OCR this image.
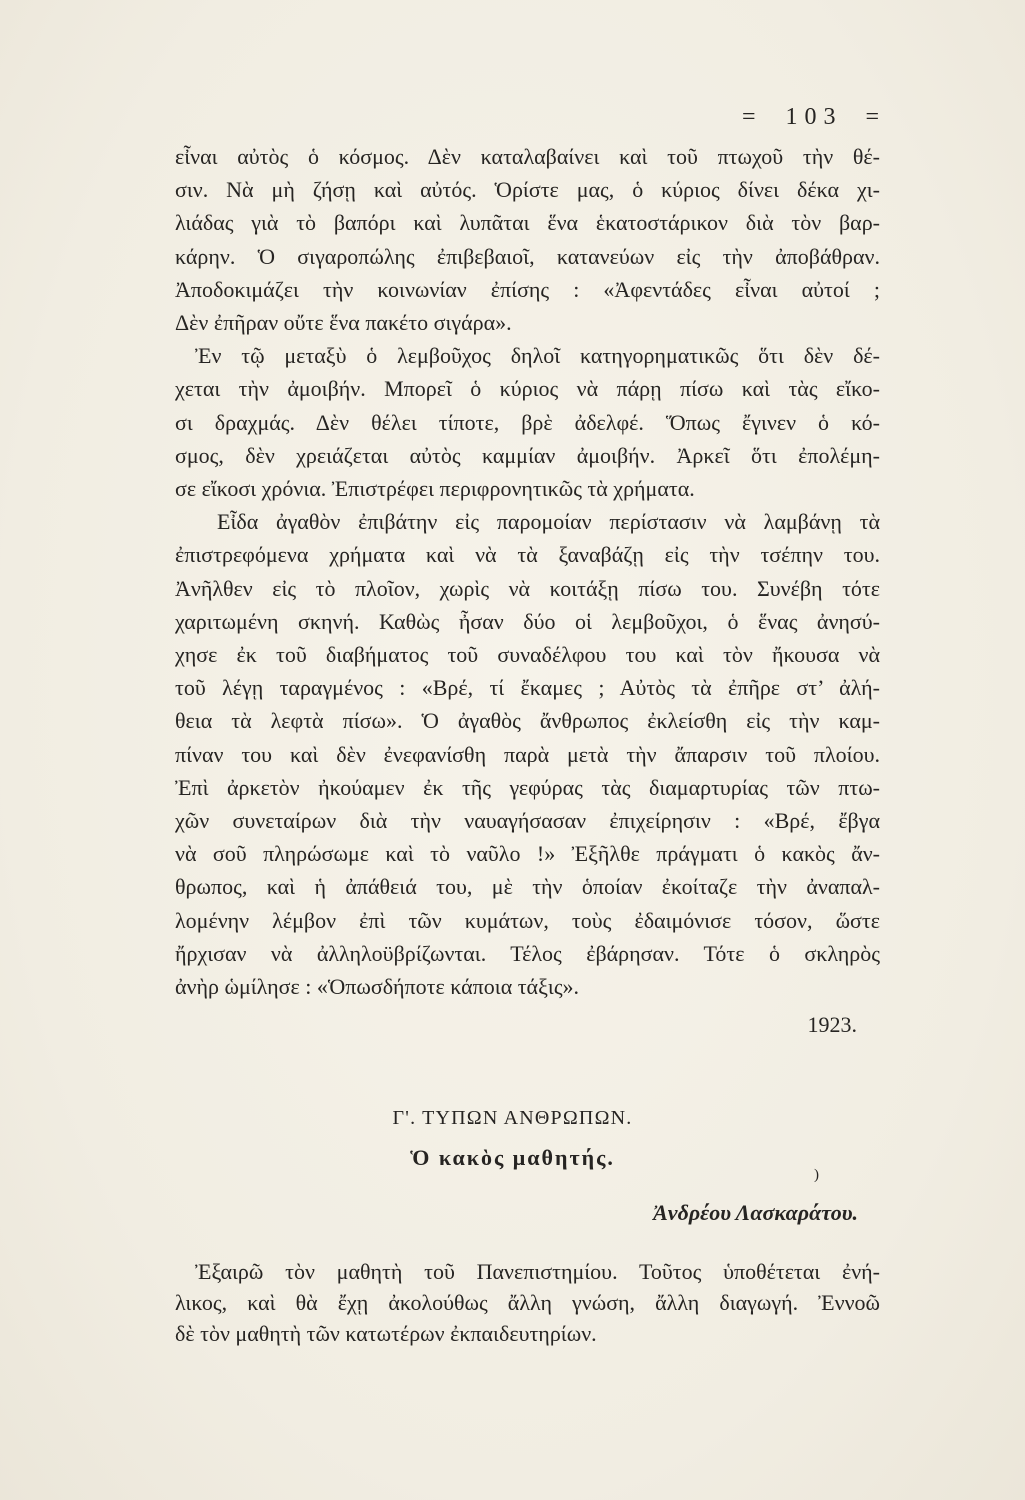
= 103 =
εἶναι αὐτὸς ὁ κόσμος. Δὲν καταλαβαίνει καὶ τοῦ πτωχοῦ τὴν θέ-
σιν. Νὰ μὴ ζήσῃ καὶ αὐτός. Ὁρίστε μας, ὁ κύριος δίνει δέκα χι-
λιάδας γιὰ τὸ βαπόρι καὶ λυπᾶται ἕνα ἑκατοστάρικον διὰ τὸν βαρ-
κάρην. Ὁ σιγαροπώλης ἐπιβεβαιοῖ, κατανεύων εἰς τὴν ἀποβάθραν.
Ἀποδοκιμάζει τὴν κοινωνίαν ἐπίσης : «Ἀφεντάδες εἶναι αὐτοί ;
Δὲν ἐπῆραν οὔτε ἕνα πακέτο σιγάρα».
Ἐν τῷ μεταξὺ ὁ λεμβοῦχος δηλοῖ κατηγορηματικῶς ὅτι δὲν δέ-
χεται τὴν ἀμοιβήν. Μπορεῖ ὁ κύριος νὰ πάρῃ πίσω καὶ τὰς εἴκο-
σι δραχμάς. Δὲν θέλει τίποτε, βρὲ ἀδελφέ. Ὅπως ἔγινεν ὁ κό-
σμος, δὲν χρειάζεται αὐτὸς καμμίαν ἀμοιβήν. Ἀρκεῖ ὅτι ἐπολέμη-
σε εἴκοσι χρόνια. Ἐπιστρέφει περιφρονητικῶς τὰ χρήματα.
Εἶδα ἀγαθὸν ἐπιβάτην εἰς παρομοίαν περίστασιν νὰ λαμβάνῃ τὰ
ἐπιστρεφόμενα χρήματα καὶ νὰ τὰ ξαναβάζῃ εἰς τὴν τσέπην του.
Ἀνῆλθεν εἰς τὸ πλοῖον, χωρὶς νὰ κοιτάξῃ πίσω του. Συνέβη τότε
χαριτωμένη σκηνή. Καθὼς ἦσαν δύο οἱ λεμβοῦχοι, ὁ ἕνας ἀνησύ-
χησε ἐκ τοῦ διαβήματος τοῦ συναδέλφου του καὶ τὸν ἤκουσα νὰ
τοῦ λέγῃ ταραγμένος : «Βρέ, τί ἔκαμες ; Αὐτὸς τὰ ἐπῆρε στ’ ἀλή-
θεια τὰ λεφτὰ πίσω». Ὁ ἀγαθὸς ἄνθρωπος ἐκλείσθη εἰς τὴν καμ-
πίναν του καὶ δὲν ἐνεφανίσθη παρὰ μετὰ τὴν ἄπαρσιν τοῦ πλοίου.
Ἐπὶ ἀρκετὸν ἠκούαμεν ἐκ τῆς γεφύρας τὰς διαμαρτυρίας τῶν πτω-
χῶν συνεταίρων διὰ τὴν ναυαγήσασαν ἐπιχείρησιν : «Βρέ, ἔβγα
νὰ σοῦ πληρώσωμε καὶ τὸ ναῦλο !» Ἐξῆλθε πράγματι ὁ κακὸς ἄν-
θρωπος, καὶ ἡ ἀπάθειά του, μὲ τὴν ὁποίαν ἐκοίταζε τὴν ἀναπαλ-
λομένην λέμβον ἐπὶ τῶν κυμάτων, τοὺς ἐδαιμόνισε τόσον, ὥστε
ἤρχισαν νὰ ἀλληλοϋβρίζωνται. Τέλος ἐβάρησαν. Τότε ὁ σκληρὸς
ἀνὴρ ὡμίλησε : «Ὁπωσδήποτε κάποια τάξις».
1923.
Γ'. ΤΥΠΩΝ ΑΝΘΡΩΠΩΝ.
Ὁ κακὸς μαθητής.
)
Ἀνδρέου Λασκαράτου.
Ἐξαιρῶ τὸν μαθητὴ τοῦ Πανεπιστημίου. Τοῦτος ὑποθέτεται ἐνή-
λικος, καὶ θὰ ἔχῃ ἀκολούθως ἄλλη γνώση, ἄλλη διαγωγή. Ἐννοῶ
δὲ τὸν μαθητὴ τῶν κατωτέρων ἐκπαιδευτηρίων.
